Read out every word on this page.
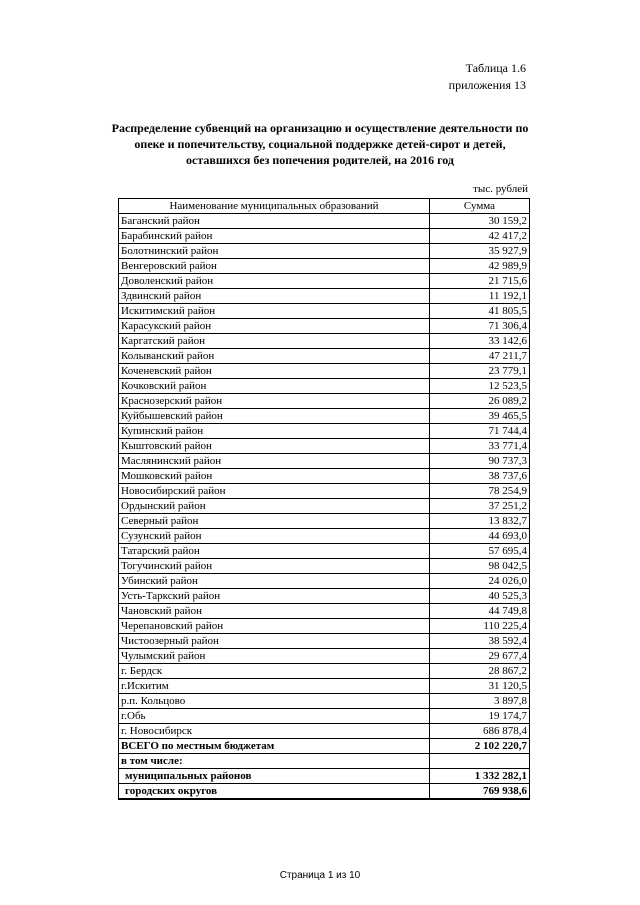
Таблица 1.6
приложения 13
Распределение субвенций на организацию и осуществление деятельности по
опеке и попечительству, социальной поддержке детей-сирот и детей,
оставшихся без попечения родителей, на 2016 год
тыс. рублей
Наименование муниципальных образований	Сумма
Баганский район	30 159,2
Барабинский район	42 417,2
Болотнинский район	35 927,9
Венгеровский район	42 989,9
Доволенский район	21 715,6
Здвинский район	11 192,1
Искитимский район	41 805,5
Карасукский район	71 306,4
Каргатский район	33 142,6
Колыванский район	47 211,7
Коченевский район	23 779,1
Кочковский район	12 523,5
Краснозерский район	26 089,2
Куйбышевский район	39 465,5
Купинский район	71 744,4
Кыштовский район	33 771,4
Маслянинский район	90 737,3
Мошковский район	38 737,6
Новосибирский район	78 254,9
Ордынский район	37 251,2
Северный район	13 832,7
Сузунский район	44 693,0
Татарский район	57 695,4
Тогучинский район	98 042,5
Убинский район	24 026,0
Усть-Таркский район	40 525,3
Чановский район	44 749,8
Черепановский район	110 225,4
Чистоозерный район	38 592,4
Чулымский район	29 677,4
г. Бердск	28 867,2
г.Искитим	31 120,5
р.п. Кольцово	3 897,8
г.Обь	19 174,7
г. Новосибирск	686 878,4
ВСЕГО по местным бюджетам	2 102 220,7
в том числе:	
муниципальных районов	1 332 282,1
городских округов	769 938,6
Страница 1 из 10
